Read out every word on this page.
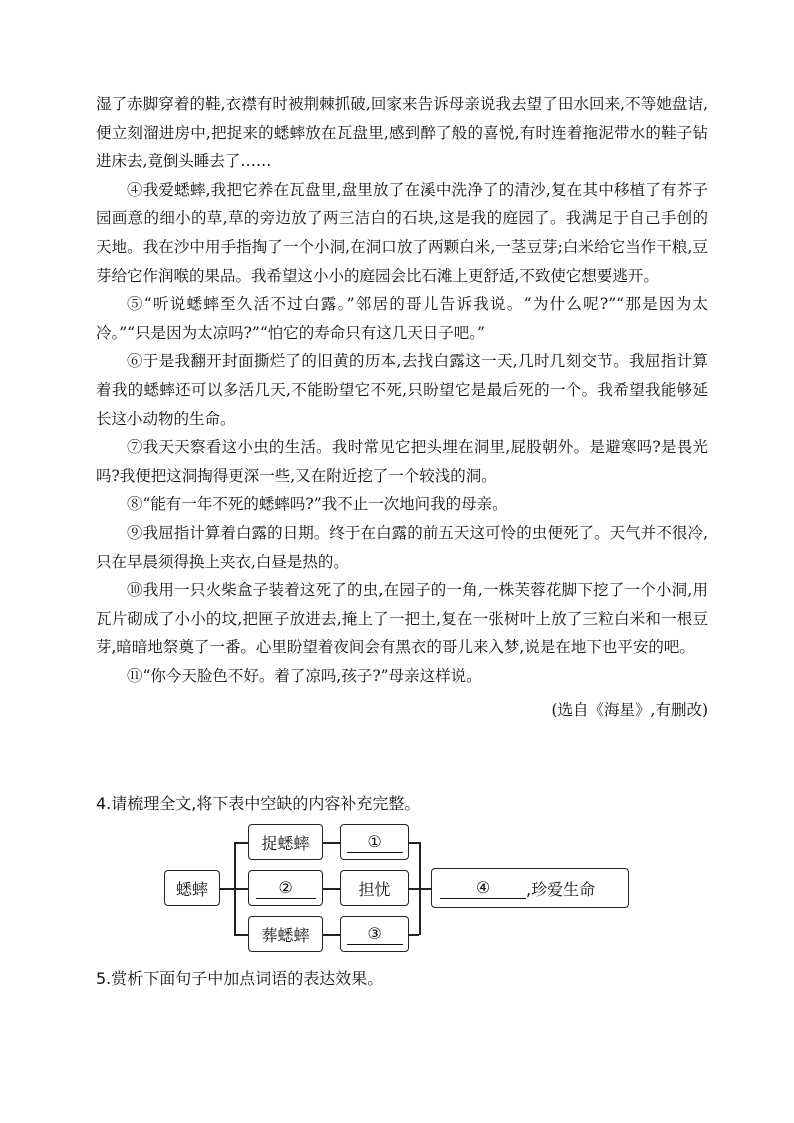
湿了赤脚穿着的鞋,衣襟有时被荆棘抓破,回家来告诉母亲说我去望了田水回来,不等她盘诘,便立刻溜进房中,把捉来的蟋蟀放在瓦盘里,感到醉了般的喜悦,有时连着拖泥带水的鞋子钻进床去,竟倒头睡去了……

④我爱蟋蟀,我把它养在瓦盘里,盘里放了在溪中洗净了的清沙,复在其中移植了有芥子园画意的细小的草,草的旁边放了两三洁白的石块,这是我的庭园了。我满足于自己手创的天地。我在沙中用手指掏了一个小洞,在洞口放了两颗白米,一茎豆芽;白米给它当作干粮,豆芽给它作润喉的果品。我希望这小小的庭园会比石滩上更舒适,不致使它想要逃开。

⑤“听说蟋蟀至久活不过白露。”邻居的哥儿告诉我说。“为什么呢?”“那是因为太冷。”“只是因为太凉吗?”“怕它的寿命只有这几天日子吧。”

⑥于是我翻开封面撕烂了的旧黄的历本,去找白露这一天,几时几刻交节。我屈指计算着我的蟋蟀还可以多活几天,不能盼望它不死,只盼望它是最后死的一个。我希望我能够延长这小动物的生命。

⑦我天天察看这小虫的生活。我时常见它把头埋在洞里,屁股朝外。是避寒吗?是畏光吗?我便把这洞掏得更深一些,又在附近挖了一个较浅的洞。

⑧“能有一年不死的蟋蟀吗?”我不止一次地问我的母亲。

⑨我屈指计算着白露的日期。终于在白露的前五天这可怜的虫便死了。天气并不很冷,只在早晨须得换上夹衣,白昼是热的。

⑩我用一只火柴盒子装着这死了的虫,在园子的一角,一株芙蓉花脚下挖了一个小洞,用瓦片砌成了小小的坟,把匣子放进去,掩上了一把土,复在一张树叶上放了三粒白米和一根豆芽,暗暗地祭奠了一番。心里盼望着夜间会有黑衣的哥儿来入梦,说是在地下也平安的吧。

⑪“你今天脸色不好。着了凉吗,孩子?”母亲这样说。

(选自《海星》,有删改)

4.请梳理全文,将下表中空缺的内容补充完整。

蟋蟀
捉蟋蟀	①
②	担忧
葬蟋蟀	③
④	,珍爱生命

5.赏析下面句子中加点词语的表达效果。
